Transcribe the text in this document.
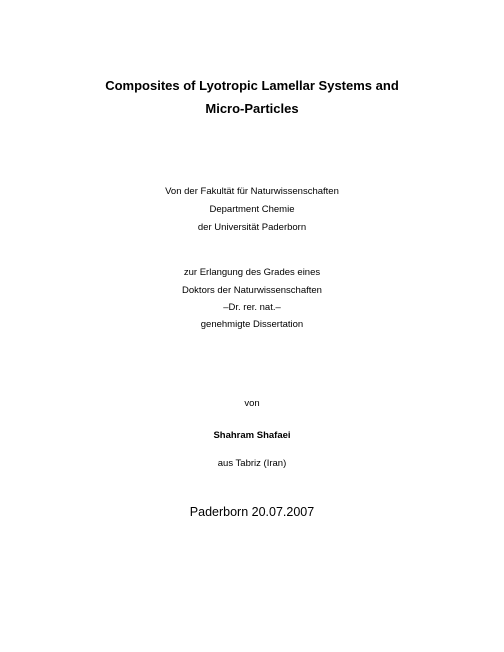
Composites of Lyotropic Lamellar Systems and
Micro-Particles
Von der Fakultät für Naturwissenschaften
Department Chemie
der Universität Paderborn
zur Erlangung des Grades eines
Doktors der Naturwissenschaften
–Dr. rer. nat.–
genehmigte Dissertation
von
Shahram Shafaei
aus Tabriz (Iran)
Paderborn 20.07.2007
